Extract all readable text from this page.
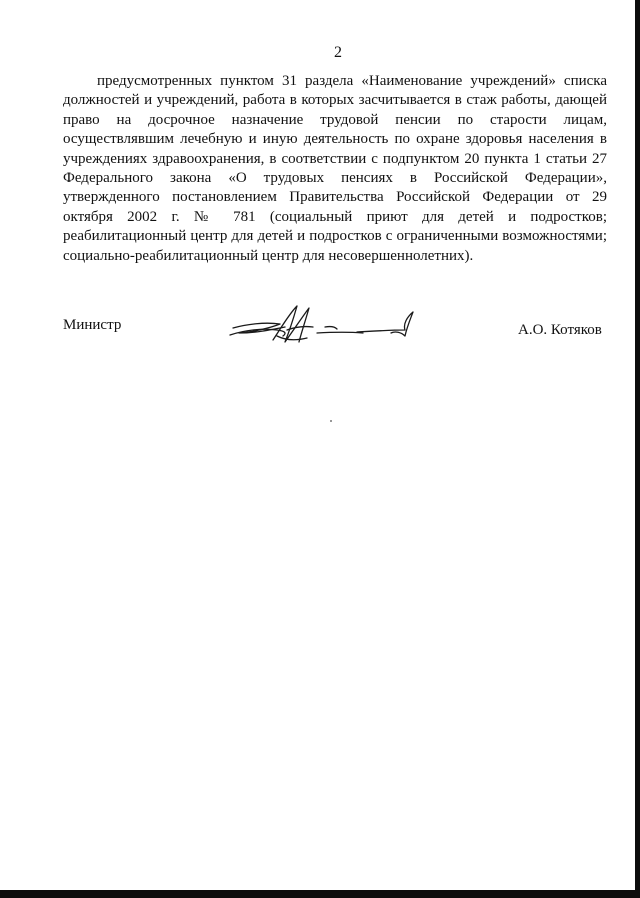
2

предусмотренных пунктом 31 раздела «Наименование учреждений» списка должностей и учреждений, работа в которых засчитывается в стаж работы, дающей право на досрочное назначение трудовой пенсии по старости лицам, осуществлявшим лечебную и иную деятельность по охране здоровья населения в учреждениях здравоохранения, в соответствии с подпунктом 20 пункта 1 статьи 27 Федерального закона «О трудовых пенсиях в Российской Федерации», утвержденного постановлением Правительства Российской Федерации от 29 октября 2002 г. № 781 (социальный приют для детей и подростков; реабилитационный центр для детей и подростков с ограниченными возможностями; социально-реабилитационный центр для несовершеннолетних).

Министр	А.О. Котяков
